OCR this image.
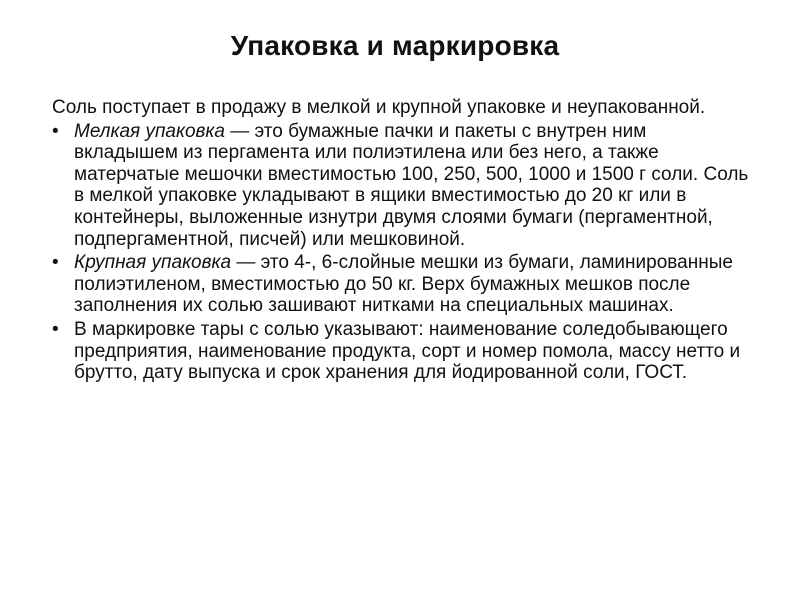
Упаковка и маркировка

Соль поступает в продажу в мелкой и крупной упаковке и неупакованной.

• Мелкая упаковка — это бумажные пачки и пакеты с внутрен ним вкладышем из пергамента или полиэтилена или без него, а также матерчатые мешочки вместимостью 100, 250, 500, 1000 и 1500 г соли. Соль в мелкой упаковке укладывают в ящики вместимостью до 20 кг или в контейнеры, выложенные изнутри двумя слоями бумаги (пергаментной, подпергаментной, писчей) или мешковиной.
• Крупная упаковка — это 4-, 6-слойные мешки из бумаги, ламинированные полиэтиленом, вместимостью до 50 кг. Верх бумажных мешков после заполнения их солью зашивают нитками на специальных машинах.
• В маркировке тары с солью указывают: наименование соледобывающего предприятия, наименование продукта, сорт и номер помола, массу нетто и брутто, дату выпуска и срок хранения для йодированной соли, ГОСТ.
